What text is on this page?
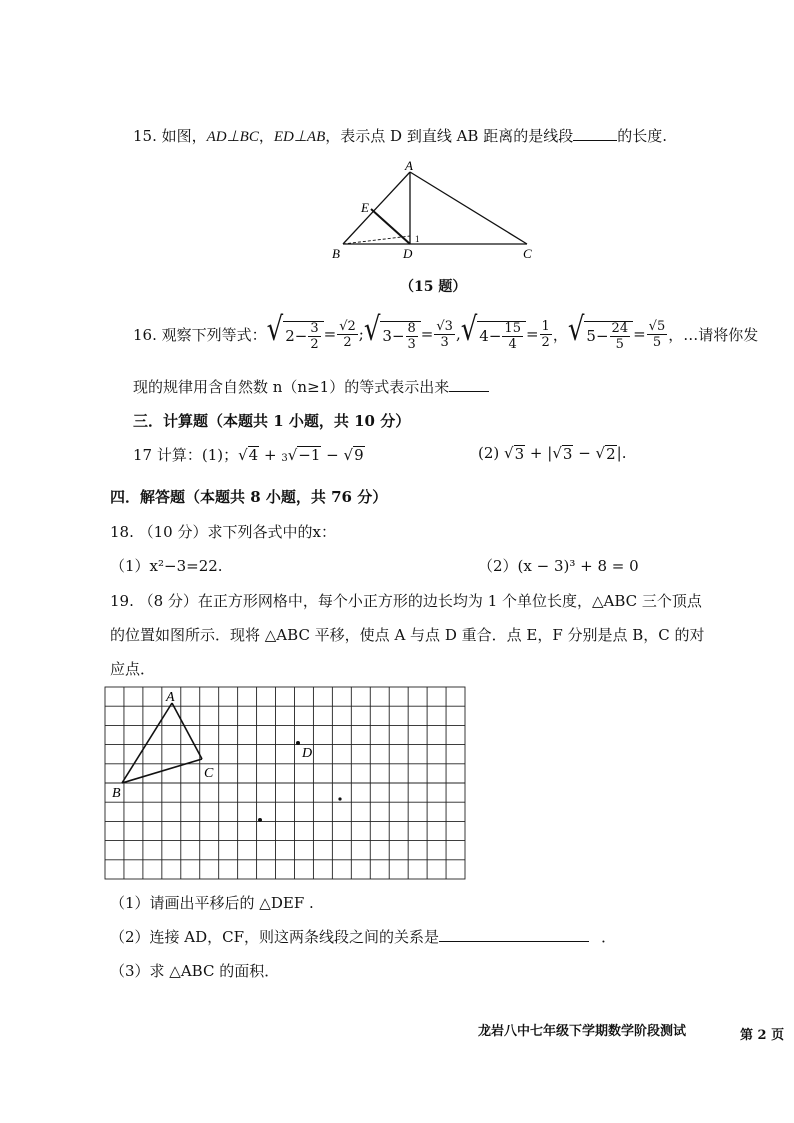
15. 如图，AD⊥BC，ED⊥AB，表示点 D 到直线 AB 距离的是线段	的长度.
A
E
1
B	D	C
（15 题）
16. 观察下列等式： √ $2 - \frac{3}{2} = \frac{√2}{2}$ ; √ $3 - \frac{8}{3} = \frac{√3}{3}$ , √ $4 - \frac{15}{4} = \frac{1}{2}$ ， √ $5 - \frac{24}{5} = \frac{√5}{5}$ ，…请将你发
现的规律用含自然数 n（n≥1）的等式表示出来
三．计算题（本题共 1 小题，共 10 分）
17 计算：(1)； √ 4 + 3 √ −1 − √ 9	(2)
√ 3 + | √ 3 − √ 2 |.
四．解答题（本题共 8 小题，共 76 分）
18. （10 分）求下列各式中的x：
（1）x²−3=22.	（2）(x − 3)³ + 8 = 0
19. （8 分）在正方形网格中，每个小正方形的边长均为 1 个单位长度，△ABC 三个顶点
的位置如图所示．现将 △ABC 平移，使点 A 与点 D 重合．点 E，F 分别是点 B，C 的对
应点．
A
B
C
D
（1）请画出平移后的 △DEF .
（2）连接 AD，CF，则这两条线段之间的关系是	．
（3）求 △ABC 的面积．
龙岩八中七年级下学期数学阶段测试	第 2 页
